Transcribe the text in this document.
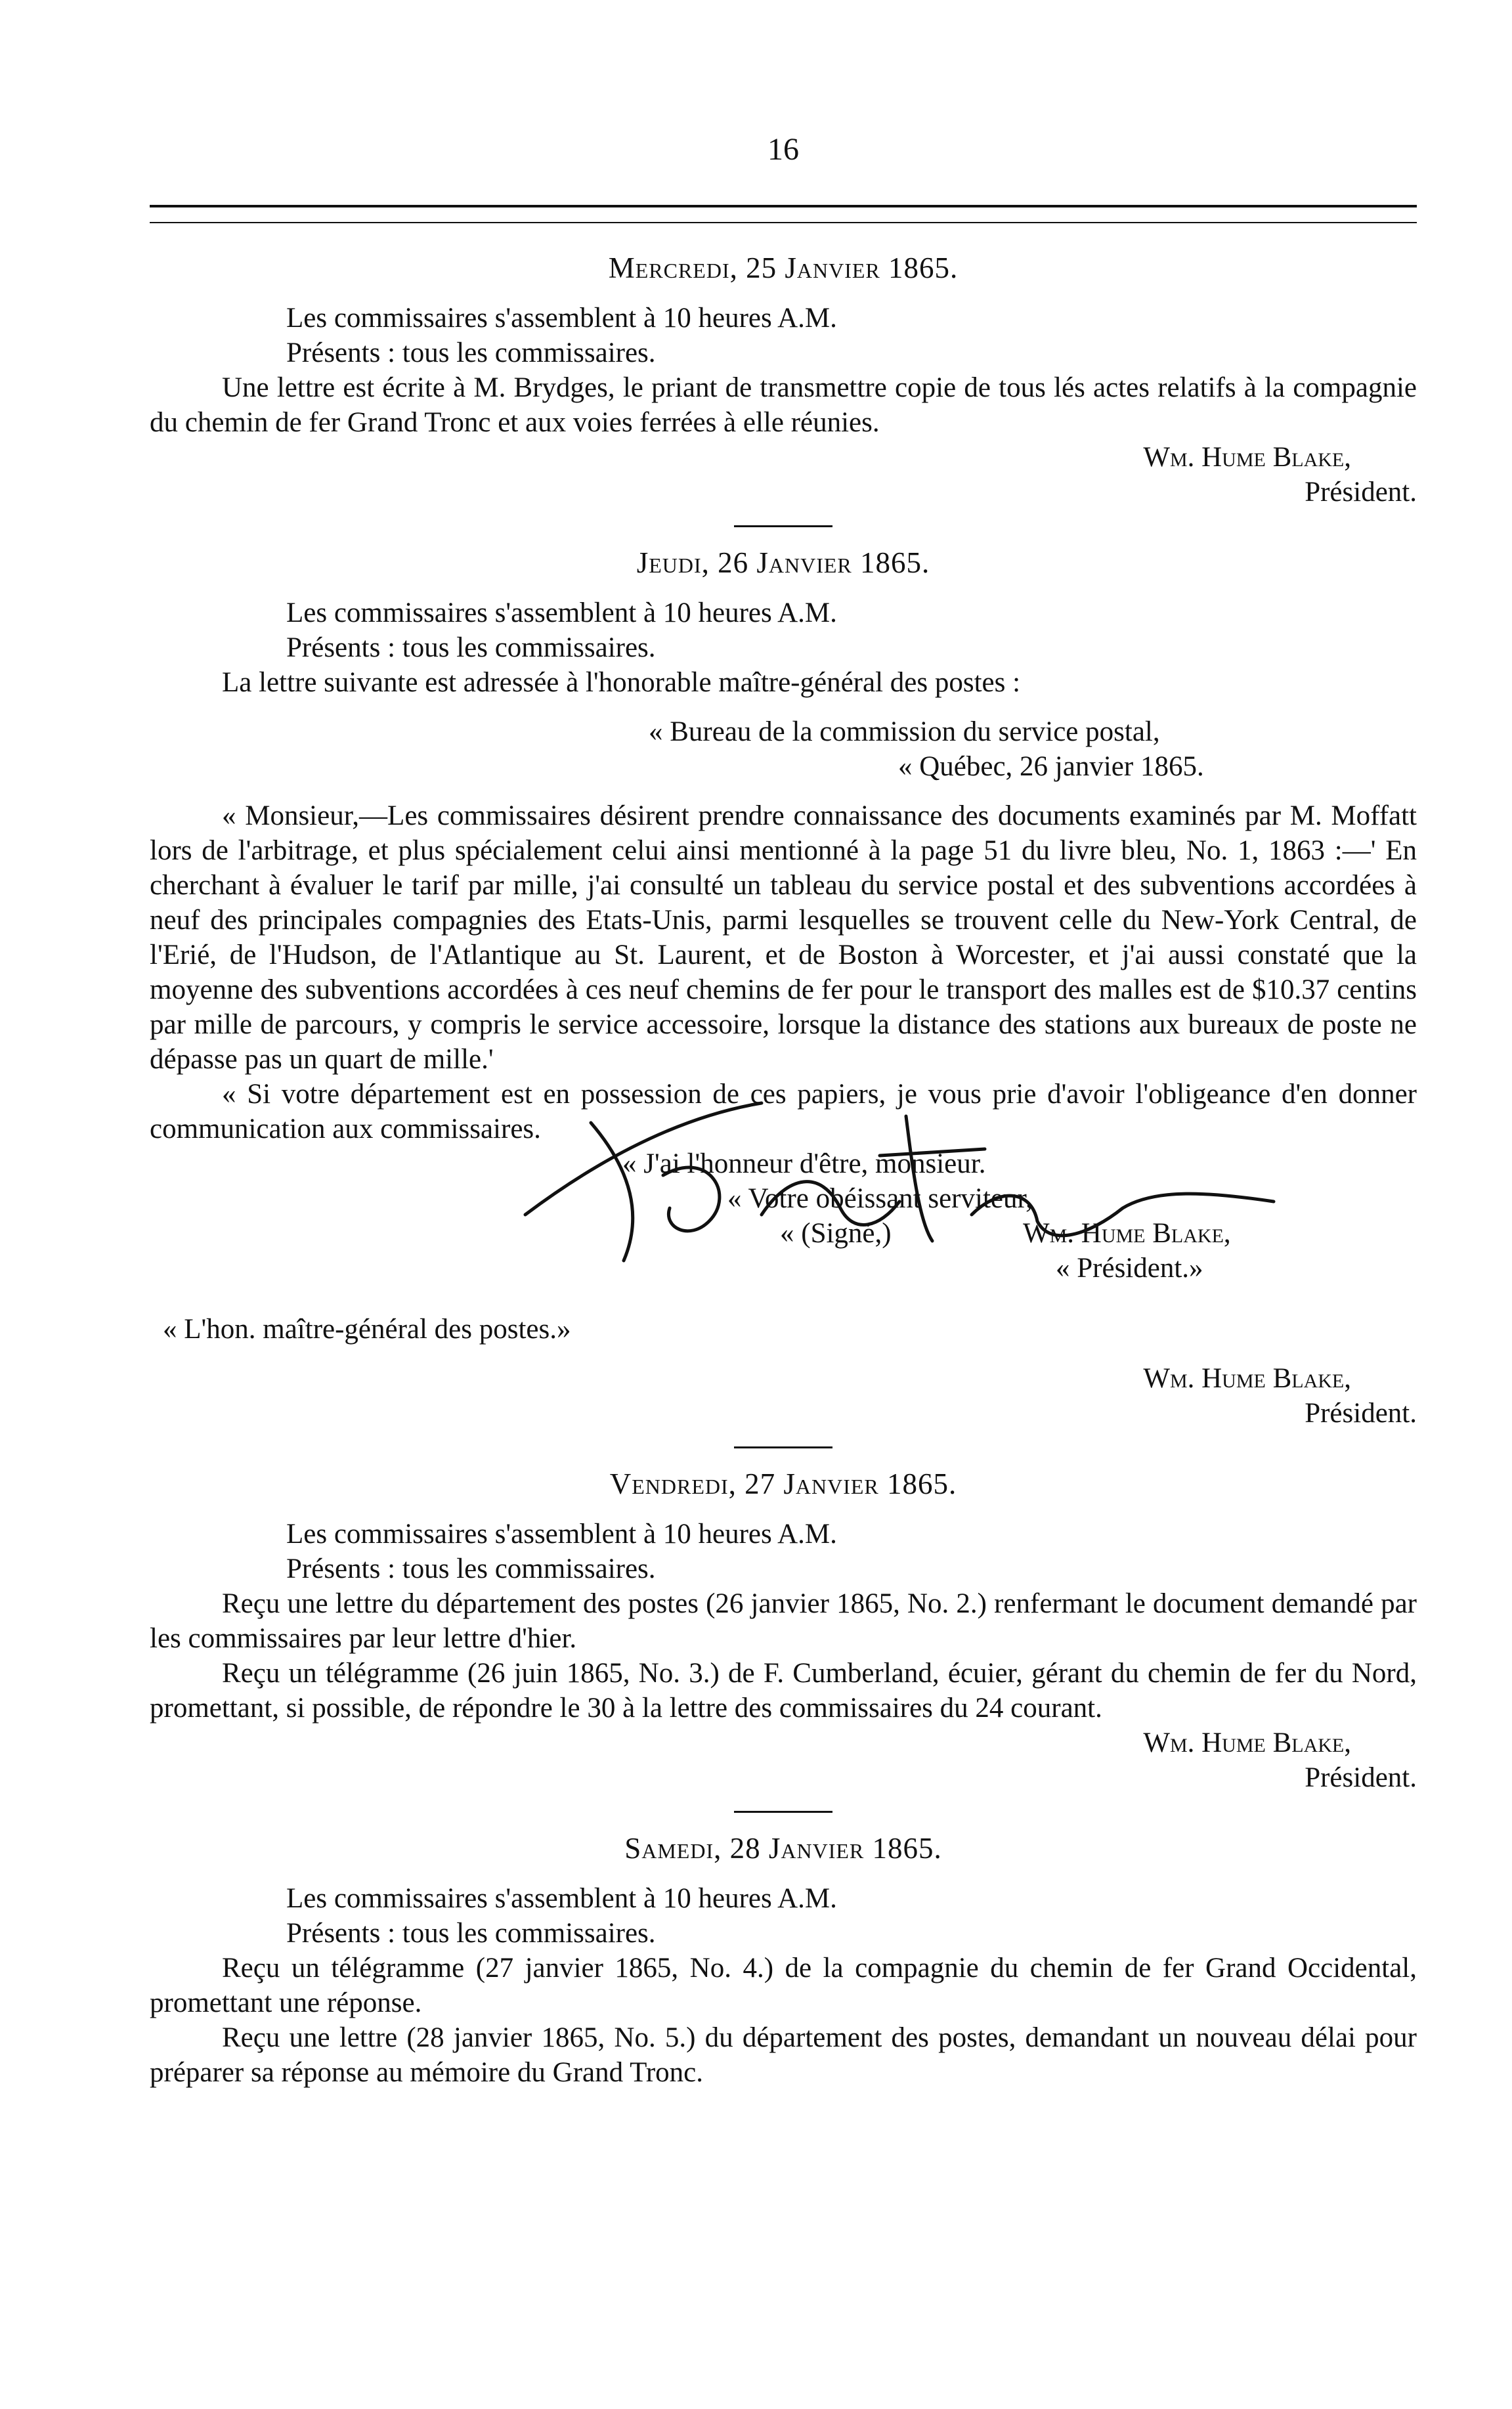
16

Mercredi, 25 Janvier 1865.

Les commissaires s'assemblent à 10 heures A.M.

Présents : tous les commissaires.

Une lettre est écrite à M. Brydges, le priant de transmettre copie de tous lés actes relatifs à la compagnie du chemin de fer Grand Tronc et aux voies ferrées à elle réunies.

Wm. Hume Blake,

Président.

Jeudi, 26 Janvier 1865.

Les commissaires s'assemblent à 10 heures A.M.

Présents : tous les commissaires.

La lettre suivante est adressée à l'honorable maître-général des postes :

« Bureau de la commission du service postal,

« Québec, 26 janvier 1865.

« Monsieur,—Les commissaires désirent prendre connaissance des documents examinés par M. Moffatt lors de l'arbitrage, et plus spécialement celui ainsi mentionné à la page 51 du livre bleu, No. 1, 1863 :—' En cherchant à évaluer le tarif par mille, j'ai consulté un tableau du service postal et des subventions accordées à neuf des principales compagnies des Etats-Unis, parmi lesquelles se trouvent celle du New-York Central, de l'Erié, de l'Hudson, de l'Atlantique au St. Laurent, et de Boston à Worcester, et j'ai aussi constaté que la moyenne des subventions accordées à ces neuf chemins de fer pour le transport des malles est de $10.37 centins par mille de parcours, y compris le service accessoire, lorsque la distance des stations aux bureaux de poste ne dépasse pas un quart de mille.'

« Si votre département est en possession de ces papiers, je vous prie d'avoir l'obligeance d'en donner communication aux commissaires.

« J'ai l'honneur d'être, monsieur.

« Votre obéissant serviteur,

« (Signé,)	Wm. Hume Blake,

« Président.»

« L'hon. maître-général des postes.»

Wm. Hume Blake,

Président.

Vendredi, 27 Janvier 1865.

Les commissaires s'assemblent à 10 heures A.M.

Présents : tous les commissaires.

Reçu une lettre du département des postes (26 janvier 1865, No. 2.) renfermant le document demandé par les commissaires par leur lettre d'hier.

Reçu un télégramme (26 juin 1865, No. 3.) de F. Cumberland, écuier, gérant du chemin de fer du Nord, promettant, si possible, de répondre le 30 à la lettre des commissaires du 24 courant.

Wm. Hume Blake,

Président.

Samedi, 28 Janvier 1865.

Les commissaires s'assemblent à 10 heures A.M.

Présents : tous les commissaires.

Reçu un télégramme (27 janvier 1865, No. 4.) de la compagnie du chemin de fer Grand Occidental, promettant une réponse.

Reçu une lettre (28 janvier 1865, No. 5.) du département des postes, demandant un nouveau délai pour préparer sa réponse au mémoire du Grand Tronc.
